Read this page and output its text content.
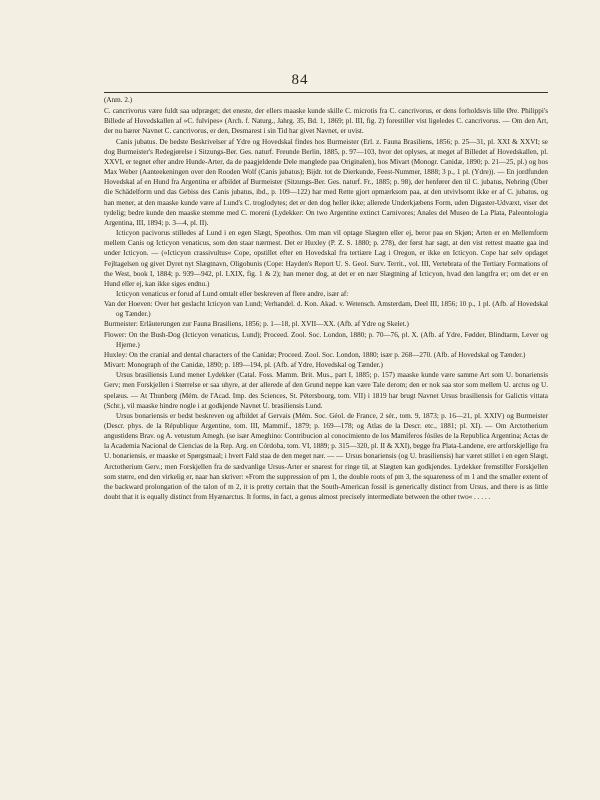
84

(Anm. 2.)

C. cancrivorus være fuldt saa udpræget; det eneste, der ellers maaske kunde skille C. microtis fra C. cancrivorus, er dens forholdsvis lille Øre. Philippi's Billede af Hovedskallen af »C. fulvipes« (Arch. f. Naturg., Jahrg. 35, Bd. 1, 1869; pl. III, fig. 2) forestiller vist ligeledes C. cancrivorus. — Om den Art, der nu bærer Navnet C. cancrivorus, er den, Desmarest i sin Tid har givet Navnet, er uvist.

Canis jubatus. De bedste Beskrivelser af Ydre og Hovedskal findes hos Burmeister (Erl. z. Fauna Brasiliens, 1856; p. 25—31, pl. XXI & XXVI; se dog Burmeister's Redegjørelse i Sitzungs-Ber. Ges. naturf. Freunde Berlin, 1885, p. 97—103, hvor det oplyses, at meget af Billedet af Hovedskallen, pl. XXVI, er tegnet efter andre Hunde-Arter, da de paagjeldende Dele manglede paa Originalen), hos Mivart (Monogr. Canidæ, 1890; p. 21—25, pl.) og hos Max Weber (Aanteekeningen over den Rooden Wolf (Canis jubatus); Bijdr. tot de Dierkunde, Feest-Nummer, 1888; 3 p., 1 pl. (Ydre)). — En jordfunden Hovedskal af en Hund fra Argentina er afbildet af Burmeister (Sitzungs-Ber. Ges. naturf. Fr., 1885; p. 98), der henfører den til C. jubatus, Nehring (Über die Schädelform und das Gebiss des Canis jubatus, ibd., p. 109—122) har med Rette gjort opmærksom paa, at den utvivlsomt ikke er af C. jubatus, og han mener, at den maaske kunde være af Lund's C. troglodytes; det er den dog heller ikke; allerede Underkjæbens Form, uden Digaster-Udvæxt, viser det tydelig; bedre kunde den maaske stemme med C. moreni (Lydekker: On two Argentine extinct Carnivores; Anales del Museo de La Plata, Paleontologia Argentina, III, 1894; p. 3—4, pl. II).

Icticyon pacivorus stilledes af Lund i en egen Slægt, Speothos. Om man vil optage Slægten eller ej, beror paa en Skjøn; Arten er en Mellemform mellem Canis og Icticyon venaticus, som den staar nærmest. Det er Huxley (P. Z. S. 1880; p. 278), der først har sagt, at den vist rettest maatte gaa ind under Icticyon. — (»Icticyon crassivultus« Cope, opstillet efter en Hovedskal fra tertiære Lag i Oregon, er ikke en Icticyon. Cope har selv opdaget Fejltagelsen og givet Dyret nyt Slægtnavn, Oligobunis (Cope: Hayden's Report U. S. Geol. Surv. Territ., vol. III, Vertebrata of the Tertiary Formations of the West, book I, 1884; p. 939—942, pl. LXIX, fig. 1 & 2); han mener dog, at det er en nær Slægtning af Icticyon, hvad den langtfra er; om det er en Hund eller ej, kan ikke siges endnu.)

Icticyon venaticus er forud af Lund omtalt eller beskreven af flere andre, især af:

Van der Hoeven: Over het geslacht Icticyon van Lund; Verhandel. d. Kon. Akad. v. Wetensch. Amsterdam, Deel III, 1856; 10 p., 1 pl. (Afb. af Hovedskal og Tænder.)

Burmeister: Erläuterungen zur Fauna Brasiliens, 1856; p. 1—18, pl. XVII—XX. (Afb. af Ydre og Skelet.)

Flower: On the Bush-Dog (Icticyon venaticus, Lund); Proceed. Zool. Soc. London, 1880; p. 70—76, pl. X. (Afb. af Ydre, Fødder, Blindtarm, Lever og Hjerne.)

Huxley: On the cranial and dental characters of the Canidæ; Proceed. Zool. Soc. London, 1880; især p. 268—270. (Afb. af Hovedskal og Tænder.)

Mivart: Monograph of the Canidæ, 1890; p. 189—194, pl. (Afb. af Ydre, Hovedskal og Tænder.)

Ursus brasiliensis Lund mener Lydekker (Catal. Foss. Mamm. Brit. Mus., part I, 1885; p. 157) maaske kunde være samme Art som U. bonariensis Gerv; men Forskjellen i Størrelse er saa uhyre, at der allerede af den Grund neppe kan være Tale derom; den er nok saa stor som mellem U. arctus og U. spelæus. — At Thunberg (Mém. de l'Acad. Imp. des Sciences, St. Pétersbourg, tom. VII) i 1819 har brugt Navnet Ursus brasiliensis for Galictis vittata (Schr.), vil maaske hindre nogle i at godkjende Navnet U. brasiliensis Lund.

Ursus bonariensis er bedst beskreven og afbildet af Gervais (Mém. Soc. Géol. de France, 2 sér., tom. 9, 1873; p. 16—21, pl. XXIV) og Burmeister (Descr. phys. de la République Argentine, tom. III, Mammif., 1879; p. 169—178; og Atlas de la Descr. etc., 1881; pl. XI). — Om Arctotherium angustidens Brav. og A. vetustum Amegh. (se især Ameghino: Contribucion al conocimiento de los Mamíferos fósiles de la Republica Argentina; Actas de la Academia Nacional de Ciencias de la Rep. Arg. en Córdoba, tom. VI, 1889; p. 315—320, pl. II & XXI), begge fra Plata-Landene, ere artforskjellige fra U. bonariensis, er maaske et Spørgsmaal; i hvert Fald staa de den meget nær. — — Ursus bonariensis (og U. brasiliensis) har været stillet i en egen Slægt, Arctotherium Gerv.; men Forskjellen fra de sædvanlige Ursus-Arter er snarest for ringe til, at Slægten kan godkjendes. Lydekker fremstiller Forskjellen som større, end den virkelig er, naar han skriver: »From the suppression of pm 1, the double roots of pm 3, the squareness of m 1 and the smaller extent of the backward prolongation of the talon of m 2, it is pretty certain that the South-American fossil is generically distinct from Ursus, and there is as little doubt that it is equally distinct from Hyænarctus. It forms, in fact, a genus almost precisely intermediate between the other two« . . . . .
